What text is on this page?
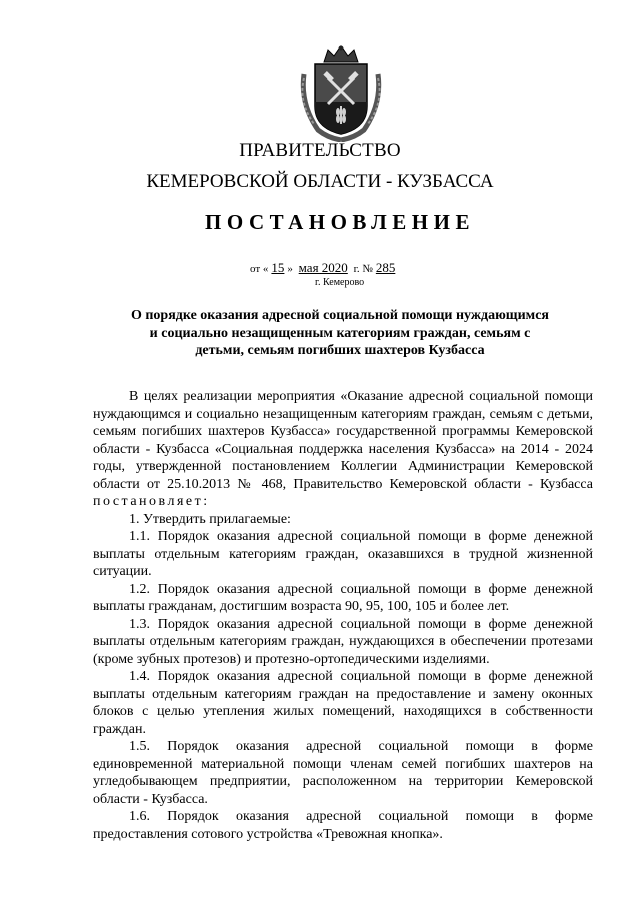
ПРАВИТЕЛЬСТВО
КЕМЕРОВСКОЙ ОБЛАСТИ - КУЗБАССА
ПОСТАНОВЛЕНИЕ
от « 15 » мая 2020 г. № 285
г. Кемерово
О порядке оказания адресной социальной помощи нуждающимся и социально незащищенным категориям граждан, семьям с детьми, семьям погибших шахтеров Кузбасса

В целях реализации мероприятия «Оказание адресной социальной помощи нуждающимся и социально незащищенным категориям граждан, семьям с детьми, семьям погибших шахтеров Кузбасса» государственной программы Кемеровской области - Кузбасса «Социальная поддержка населения Кузбасса» на 2014 - 2024 годы, утвержденной постановлением Коллегии Администрации Кемеровской области от 25.10.2013 № 468, Правительство Кемеровской области - Кузбасса постановляет:

1. Утвердить прилагаемые:

1.1. Порядок оказания адресной социальной помощи в форме денежной выплаты отдельным категориям граждан, оказавшихся в трудной жизненной ситуации.

1.2. Порядок оказания адресной социальной помощи в форме денежной выплаты гражданам, достигшим возраста 90, 95, 100, 105 и более лет.

1.3. Порядок оказания адресной социальной помощи в форме денежной выплаты отдельным категориям граждан, нуждающихся в обеспечении протезами (кроме зубных протезов) и протезно-ортопедическими изделиями.

1.4. Порядок оказания адресной социальной помощи в форме денежной выплаты отдельным категориям граждан на предоставление и замену оконных блоков с целью утепления жилых помещений, находящихся в собственности граждан.

1.5. Порядок оказания адресной социальной помощи в форме единовременной материальной помощи членам семей погибших шахтеров на угледобывающем предприятии, расположенном на территории Кемеровской области - Кузбасса.

1.6. Порядок оказания адресной социальной помощи в форме предоставления сотового устройства «Тревожная кнопка».
